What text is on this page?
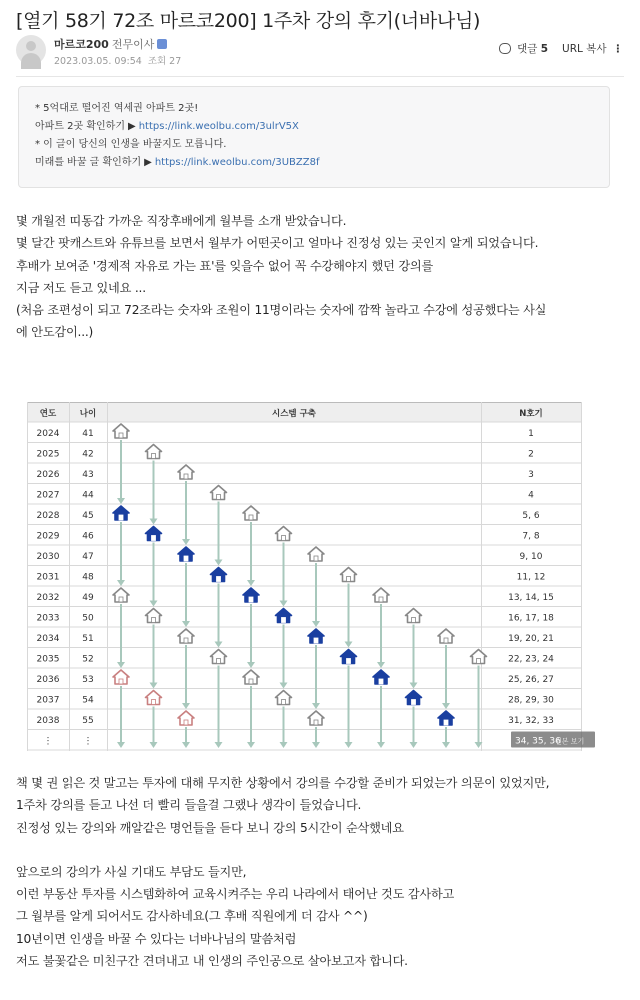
[열기 58기 72조 마르코200] 1주차 강의 후기(너바나님)
마르코200 전무이사
2023.03.05. 09:54 조회 27
댓글 5 URL 복사 ⋮
* 5억대로 떨어진 역세권 아파트 2곳!
아파트 2곳 확인하기 ▶ https://link.weolbu.com/3ulrV5X
* 이 글이 당신의 인생을 바꿀지도 모릅니다.
미래를 바꿀 글 확인하기 ▶ https://link.weolbu.com/3UBZZ8f

몇 개월전 띠동갑 가까운 직장후배에게 월부를 소개 받았습니다.

몇 달간 팟캐스트와 유튜브를 보면서 월부가 어떤곳이고 얼마나 진정성 있는 곳인지 알게 되었습니다.

후배가 보여준 '경제적 자유로 가는 표'를 잊을수 없어 꼭 수강해야지 했던 강의를

지금 저도 듣고 있네요 ...

(처음 조편성이 되고 72조라는 숫자와 조원이 11명이라는 숫자에 깜짝 놀라고 수강에 성공했다는 사실

에 안도감이...)

연도	나이	시스템 구축	N호기
2024	41	1
2025	42	2
2026	43	3
2027	44	4
2028	45	5, 6
2029	46	7, 8
2030	47	9, 10
2031	48	11, 12
2032	49	13, 14, 15
2033	50	16, 17, 18
2034	51	19, 20, 21
2035	52	22, 23, 24
2036	53	25, 26, 27
2037	54	28, 29, 30
2038	55	31, 32, 33
⋮	⋮	34, 35, 36
원본 보기

책 몇 권 읽은 것 말고는 투자에 대해 무지한 상황에서 강의를 수강할 준비가 되었는가 의문이 있었지만,

1주차 강의를 듣고 나선 더 빨리 들을걸 그랬나 생각이 들었습니다.

진정성 있는 강의와 깨알같은 명언들을 듣다 보니 강의 5시간이 순삭했네요

앞으로의 강의가 사실 기대도 부담도 들지만,

이런 부동산 투자를 시스템화하여 교육시켜주는 우리 나라에서 태어난 것도 감사하고

그 월부를 알게 되어서도 감사하네요(그 후배 직원에게 더 감사 ^^)

10년이면 인생을 바꿀 수 있다는 너바나님의 말씀처럼

저도 불꽃같은 미친구간 견뎌내고 내 인생의 주인공으로 살아보고자 합니다.
